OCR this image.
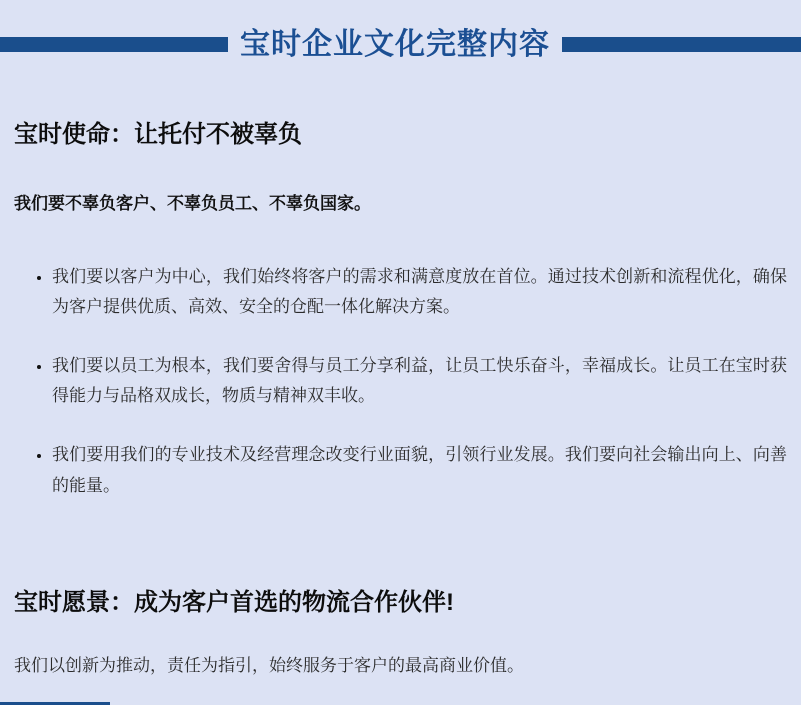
宝时企业文化完整内容
宝时使命：让托付不被辜负

我们要不辜负客户、不辜负员工、不辜负国家。

• 我们要以客户为中心，我们始终将客户的需求和满意度放在首位。通过技术创新和流程优化，确保为客户提供优质、高效、安全的仓配一体化解决方案。
• 我们要以员工为根本，我们要舍得与员工分享利益，让员工快乐奋斗，幸福成长。让员工在宝时获得能力与品格双成长，物质与精神双丰收。
• 我们要用我们的专业技术及经营理念改变行业面貌，引领行业发展。我们要向社会输出向上、向善的能量。
宝时愿景：成为客户首选的物流合作伙伴!

我们以创新为推动，责任为指引，始终服务于客户的最高商业价值。
